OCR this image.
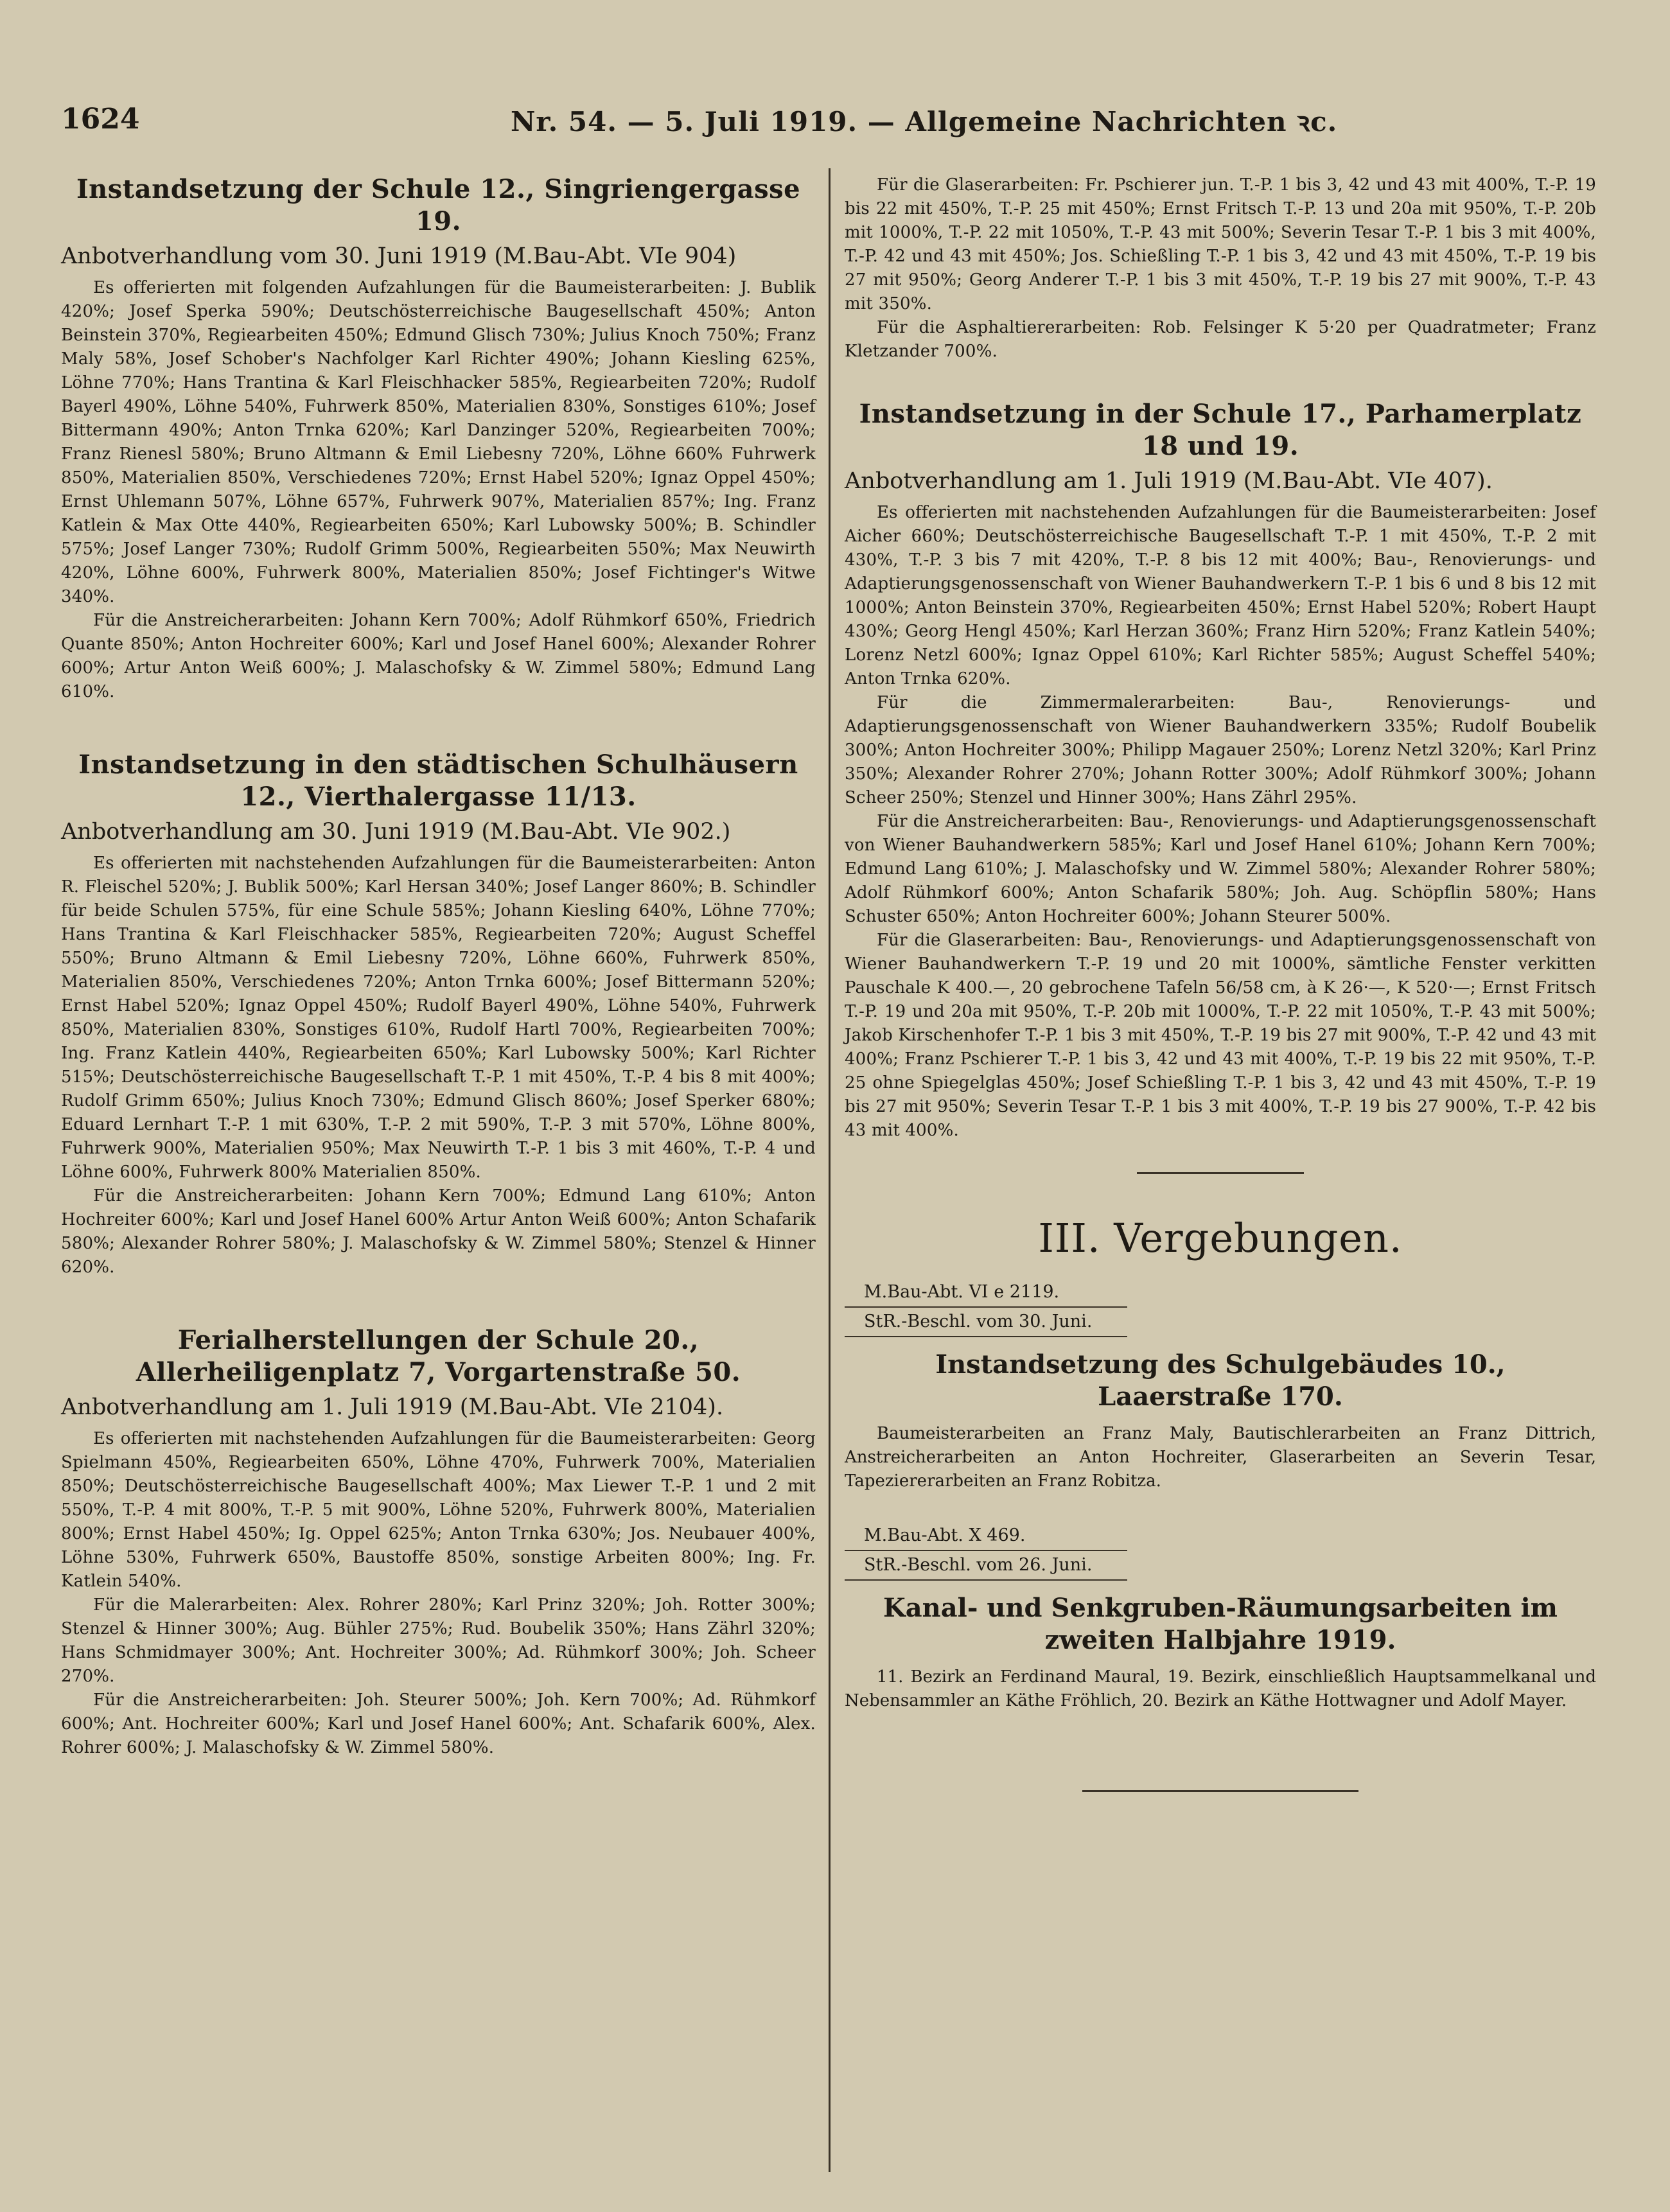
1624	Nr. 54. — 5. Juli 1919. — Allgemeine Nachrichten ꝛc.
Instandsetzung der Schule 12., Singriengergasse 19.
Anbotverhandlung vom 30. Juni 1919 (M.Bau-Abt. VIe 904)

Es offerierten mit folgenden Aufzahlungen für die Baumeisterarbeiten: J. Bublik 420%; Josef Sperka 590%; Deutschösterreichische Baugesellschaft 450%; Anton Beinstein 370%, Regiearbeiten 450%; Edmund Glisch 730%; Julius Knoch 750%; Franz Maly 58%, Josef Schober's Nachfolger Karl Richter 490%; Johann Kiesling 625%, Löhne 770%; Hans Trantina & Karl Fleischhacker 585%, Regiearbeiten 720%; Rudolf Bayerl 490%, Löhne 540%, Fuhrwerk 850%, Materialien 830%, Sonstiges 610%; Josef Bittermann 490%; Anton Trnka 620%; Karl Danzinger 520%, Regiearbeiten 700%; Franz Rienesl 580%; Bruno Altmann & Emil Liebesny 720%, Löhne 660% Fuhrwerk 850%, Materialien 850%, Verschiedenes 720%; Ernst Habel 520%; Ignaz Oppel 450%; Ernst Uhlemann 507%, Löhne 657%, Fuhrwerk 907%, Materialien 857%; Ing. Franz Katlein & Max Otte 440%, Regiearbeiten 650%; Karl Lubowsky 500%; B. Schindler 575%; Josef Langer 730%; Rudolf Grimm 500%, Regiearbeiten 550%; Max Neuwirth 420%, Löhne 600%, Fuhrwerk 800%, Materialien 850%; Josef Fichtinger's Witwe 340%.

Für die Anstreicherarbeiten: Johann Kern 700%; Adolf Rühmkorf 650%, Friedrich Quante 850%; Anton Hochreiter 600%; Karl und Josef Hanel 600%; Alexander Rohrer 600%; Artur Anton Weiß 600%; J. Malaschofsky & W. Zimmel 580%; Edmund Lang 610%.

Instandsetzung in den städtischen Schulhäusern 12., Vierthalergasse 11/13.
Anbotverhandlung am 30. Juni 1919 (M.Bau-Abt. VIe 902.)

Es offerierten mit nachstehenden Aufzahlungen für die Baumeisterarbeiten: Anton R. Fleischel 520%; J. Bublik 500%; Karl Hersan 340%; Josef Langer 860%; B. Schindler für beide Schulen 575%, für eine Schule 585%; Johann Kiesling 640%, Löhne 770%; Hans Trantina & Karl Fleischhacker 585%, Regiearbeiten 720%; August Scheffel 550%; Bruno Altmann & Emil Liebesny 720%, Löhne 660%, Fuhrwerk 850%, Materialien 850%, Verschiedenes 720%; Anton Trnka 600%; Josef Bittermann 520%; Ernst Habel 520%; Ignaz Oppel 450%; Rudolf Bayerl 490%, Löhne 540%, Fuhrwerk 850%, Materialien 830%, Sonstiges 610%, Rudolf Hartl 700%, Regiearbeiten 700%; Ing. Franz Katlein 440%, Regiearbeiten 650%; Karl Lubowsky 500%; Karl Richter 515%; Deutschösterreichische Baugesellschaft T.-P. 1 mit 450%, T.-P. 4 bis 8 mit 400%; Rudolf Grimm 650%; Julius Knoch 730%; Edmund Glisch 860%; Josef Sperker 680%; Eduard Lernhart T.-P. 1 mit 630%, T.-P. 2 mit 590%, T.-P. 3 mit 570%, Löhne 800%, Fuhrwerk 900%, Materialien 950%; Max Neuwirth T.-P. 1 bis 3 mit 460%, T.-P. 4 und Löhne 600%, Fuhrwerk 800% Materialien 850%.

Für die Anstreicherarbeiten: Johann Kern 700%; Edmund Lang 610%; Anton Hochreiter 600%; Karl und Josef Hanel 600% Artur Anton Weiß 600%; Anton Schafarik 580%; Alexander Rohrer 580%; J. Malaschofsky & W. Zimmel 580%; Stenzel & Hinner 620%.

Ferialherstellungen der Schule 20., Allerheiligenplatz 7, Vorgartenstraße 50.
Anbotverhandlung am 1. Juli 1919 (M.Bau-Abt. VIe 2104).

Es offerierten mit nachstehenden Aufzahlungen für die Baumeisterarbeiten: Georg Spielmann 450%, Regiearbeiten 650%, Löhne 470%, Fuhrwerk 700%, Materialien 850%; Deutschösterreichische Baugesellschaft 400%; Max Liewer T.-P. 1 und 2 mit 550%, T.-P. 4 mit 800%, T.-P. 5 mit 900%, Löhne 520%, Fuhrwerk 800%, Materialien 800%; Ernst Habel 450%; Ig. Oppel 625%; Anton Trnka 630%; Jos. Neubauer 400%, Löhne 530%, Fuhrwerk 650%, Baustoffe 850%, sonstige Arbeiten 800%; Ing. Fr. Katlein 540%.

Für die Malerarbeiten: Alex. Rohrer 280%; Karl Prinz 320%; Joh. Rotter 300%; Stenzel & Hinner 300%; Aug. Bühler 275%; Rud. Boubelik 350%; Hans Zährl 320%; Hans Schmidmayer 300%; Ant. Hochreiter 300%; Ad. Rühmkorf 300%; Joh. Scheer 270%.

Für die Anstreicherarbeiten: Joh. Steurer 500%; Joh. Kern 700%; Ad. Rühmkorf 600%; Ant. Hochreiter 600%; Karl und Josef Hanel 600%; Ant. Schafarik 600%, Alex. Rohrer 600%; J. Malaschofsky & W. Zimmel 580%.

Für die Glaserarbeiten: Fr. Pschierer jun. T.-P. 1 bis 3, 42 und 43 mit 400%, T.-P. 19 bis 22 mit 450%, T.-P. 25 mit 450%; Ernst Fritsch T.-P. 13 und 20a mit 950%, T.-P. 20b mit 1000%, T.-P. 22 mit 1050%, T.-P. 43 mit 500%; Severin Tesar T.-P. 1 bis 3 mit 400%, T.-P. 42 und 43 mit 450%; Jos. Schießling T.-P. 1 bis 3, 42 und 43 mit 450%, T.-P. 19 bis 27 mit 950%; Georg Anderer T.-P. 1 bis 3 mit 450%, T.-P. 19 bis 27 mit 900%, T.-P. 43 mit 350%.

Für die Asphaltiererarbeiten: Rob. Felsinger K 5·20 per Quadratmeter; Franz Kletzander 700%.

Instandsetzung in der Schule 17., Parhamerplatz 18 und 19.
Anbotverhandlung am 1. Juli 1919 (M.Bau-Abt. VIe 407).

Es offerierten mit nachstehenden Aufzahlungen für die Baumeisterarbeiten: Josef Aicher 660%; Deutschösterreichische Baugesellschaft T.-P. 1 mit 450%, T.-P. 2 mit 430%, T.-P. 3 bis 7 mit 420%, T.-P. 8 bis 12 mit 400%; Bau-, Renovierungs- und Adaptierungsgenossenschaft von Wiener Bauhandwerkern T.-P. 1 bis 6 und 8 bis 12 mit 1000%; Anton Beinstein 370%, Regiearbeiten 450%; Ernst Habel 520%; Robert Haupt 430%; Georg Hengl 450%; Karl Herzan 360%; Franz Hirn 520%; Franz Katlein 540%; Lorenz Netzl 600%; Ignaz Oppel 610%; Karl Richter 585%; August Scheffel 540%; Anton Trnka 620%.

Für die Zimmermalerarbeiten: Bau-, Renovierungs- und Adaptierungsgenossenschaft von Wiener Bauhandwerkern 335%; Rudolf Boubelik 300%; Anton Hochreiter 300%; Philipp Magauer 250%; Lorenz Netzl 320%; Karl Prinz 350%; Alexander Rohrer 270%; Johann Rotter 300%; Adolf Rühmkorf 300%; Johann Scheer 250%; Stenzel und Hinner 300%; Hans Zährl 295%.

Für die Anstreicherarbeiten: Bau-, Renovierungs- und Adaptierungsgenossenschaft von Wiener Bauhandwerkern 585%; Karl und Josef Hanel 610%; Johann Kern 700%; Edmund Lang 610%; J. Malaschofsky und W. Zimmel 580%; Alexander Rohrer 580%; Adolf Rühmkorf 600%; Anton Schafarik 580%; Joh. Aug. Schöpflin 580%; Hans Schuster 650%; Anton Hochreiter 600%; Johann Steurer 500%.

Für die Glaserarbeiten: Bau-, Renovierungs- und Adaptierungsgenossenschaft von Wiener Bauhandwerkern T.-P. 19 und 20 mit 1000%, sämtliche Fenster verkitten Pauschale K 400.—, 20 gebrochene Tafeln 56/58 cm, à K 26·—, K 520·—; Ernst Fritsch T.-P. 19 und 20a mit 950%, T.-P. 20b mit 1000%, T.-P. 22 mit 1050%, T.-P. 43 mit 500%; Jakob Kirschenhofer T.-P. 1 bis 3 mit 450%, T.-P. 19 bis 27 mit 900%, T.-P. 42 und 43 mit 400%; Franz Pschierer T.-P. 1 bis 3, 42 und 43 mit 400%, T.-P. 19 bis 22 mit 950%, T.-P. 25 ohne Spiegelglas 450%; Josef Schießling T.-P. 1 bis 3, 42 und 43 mit 450%, T.-P. 19 bis 27 mit 950%; Severin Tesar T.-P. 1 bis 3 mit 400%, T.-P. 19 bis 27 900%, T.-P. 42 bis 43 mit 400%.

III. Vergebungen.
M.Bau-Abt. VI e 2119.
StR.-Beschl. vom 30. Juni.
Instandsetzung des Schulgebäudes 10., Laaerstraße 170.

Baumeisterarbeiten an Franz Maly, Bautischlerarbeiten an Franz Dittrich, Anstreicherarbeiten an Anton Hochreiter, Glaserarbeiten an Severin Tesar, Tapeziererarbeiten an Franz Robitza.

M.Bau-Abt. X 469.
StR.-Beschl. vom 26. Juni.
Kanal- und Senkgruben-Räumungsarbeiten im zweiten Halbjahre 1919.

11. Bezirk an Ferdinand Maural, 19. Bezirk, einschließlich Hauptsammelkanal und Nebensammler an Käthe Fröhlich, 20. Bezirk an Käthe Hottwagner und Adolf Mayer.
